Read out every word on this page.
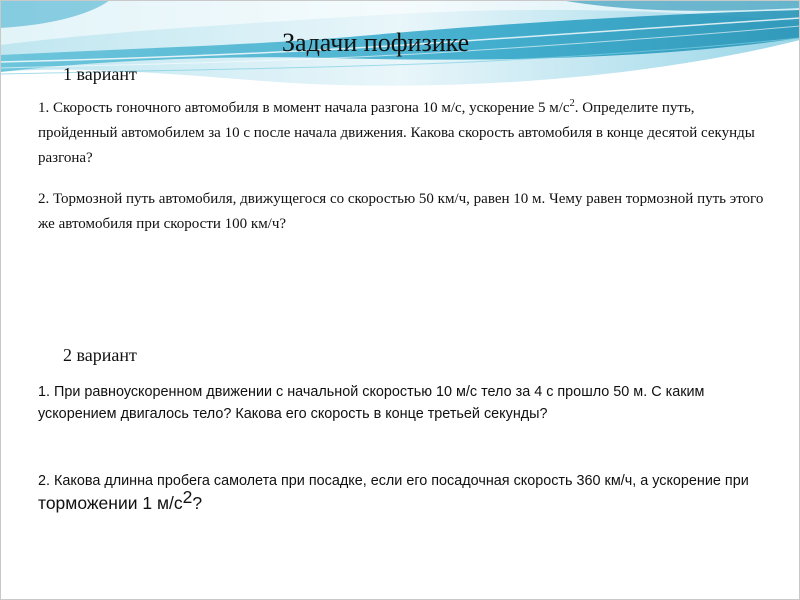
Задачи пофизике
1 вариант

1. Скорость гоночного автомобиля в момент начала разгона 10 м/с, ускорение 5 $м/с^2$. Определите путь, пройденный автомобилем за 10 с после начала движения. Какова скорость автомобиля в конце десятой секунды разгона?

2. Тормозной путь автомобиля, движущегося со скоростью 50 км/ч, равен 10 м. Чему равен тормозной путь этого же автомобиля при скорости 100 км/ч?

2 вариант

1. При равноускоренном движении с начальной скоростью 10 м/с тело за 4 с прошло 50 м. С каким ускорением двигалось тело? Какова его скорость в конце третьей секунды?

2. Какова длинна пробега самолета при посадке, если его посадочная скорость 360 км/ч, а ускорение при торможении 1 $м/с^2$?
